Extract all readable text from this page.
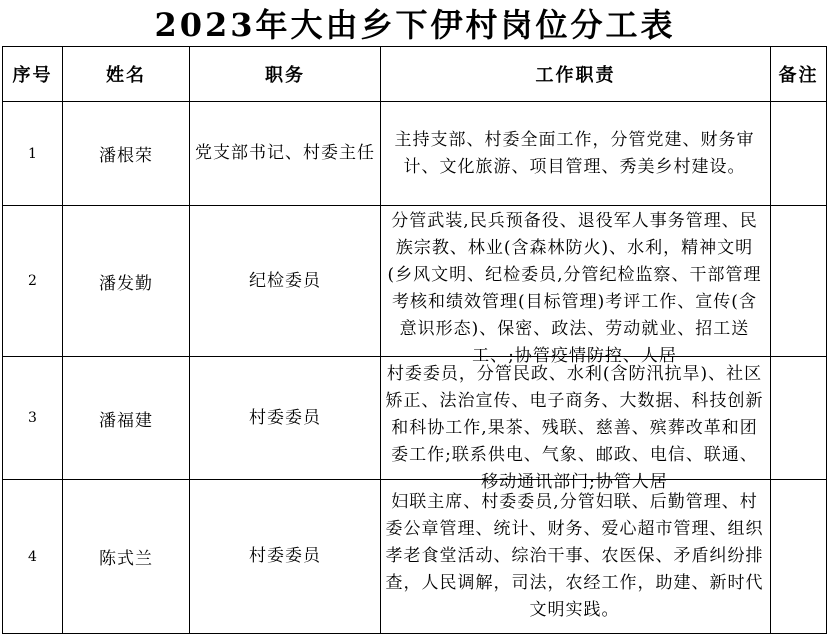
2023年大由乡下伊村岗位分工表
序号	姓名	职务	工作职责	备注
1	潘根荣	党支部书记、村委主任	主持支部、村委全面工作，分管党建、财务审计、文化旅游、项目管理、秀美乡村建设。	

2	潘发勤	纪检委员	分管武装,民兵预备役、退役军人事务管理、民族宗教、林业(含森林防火)、水利，精神文明(乡风文明、纪检委员,分管纪检监察、干部管理考核和绩效管理(目标管理)考评工作、宣传(含意识形态)、保密、政法、劳动就业、招工送工、;协管疫情防控、人居	

3	潘福建	村委委员	村委委员，分管民政、水利(含防汛抗旱)、社区矫正、法治宣传、电子商务、大数据、科技创新和科协工作,果茶、残联、慈善、殡葬改革和团委工作;联系供电、气象、邮政、电信、联通、移动通讯部门;协管人居	

4	陈式兰	村委委员	妇联主席、村委委员,分管妇联、后勤管理、村委公章管理、统计、财务、爱心超市管理、组织孝老食堂活动、综治干事、农医保、矛盾纠纷排查，人民调解，司法，农经工作，助建、新时代文明实践。	
